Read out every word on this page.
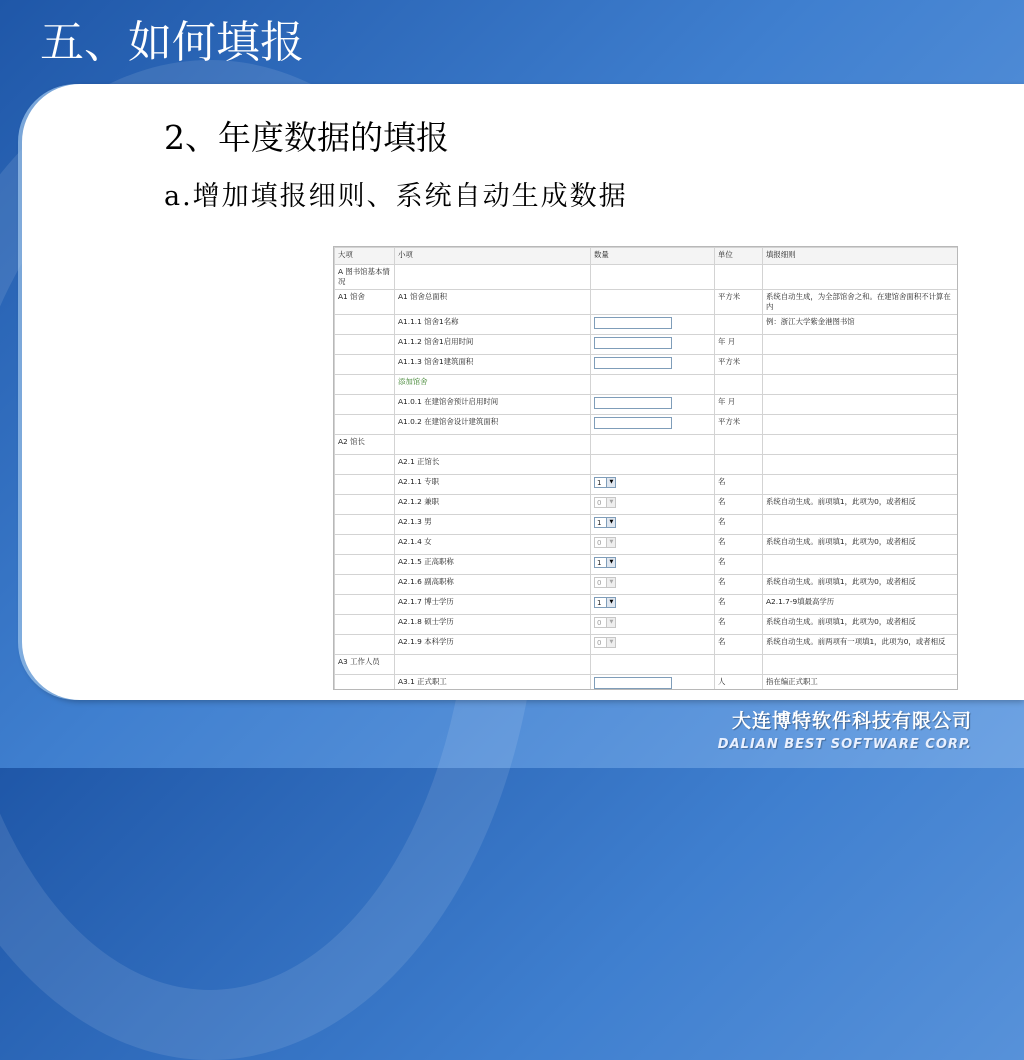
五、如何填报
2、年度数据的填报
a.增加填报细则、系统自动生成数据
大项	小项	数量	单位	填报细则
A 图书馆基本情况				
A1 馆舍	A1 馆舍总面积		平方米	系统自动生成，为全部馆舍之和。在建馆舍面积不计算在内
	A1.1.1 馆舍1名称			例：浙江大学紫金港图书馆
	A1.1.2 馆舍1启用时间		年 月	
	A1.1.3 馆舍1建筑面积		平方米	
	添加馆舍			
	A1.0.1 在建馆舍预计启用时间		年 月	
	A1.0.2 在建馆舍设计建筑面积		平方米	
A2 馆长				
	A2.1 正馆长			
	A2.1.1 专职	1 ▼	名	
	A2.1.2 兼职	0 ▼	名	系统自动生成。前项填1，此项为0，或者相反
	A2.1.3 男	1 ▼	名	
	A2.1.4 女	0 ▼	名	系统自动生成。前项填1，此项为0，或者相反
	A2.1.5 正高职称	1 ▼	名	
	A2.1.6 副高职称	0 ▼	名	系统自动生成。前项填1，此项为0，或者相反
	A2.1.7 博士学历	1 ▼	名	A2.1.7-9填最高学历
	A2.1.8 硕士学历	0 ▼	名	系统自动生成。前项填1，此项为0，或者相反
	A2.1.9 本科学历	0 ▼	名	系统自动生成。前两项有一项填1，此项为0，或者相反
A3 工作人员				
	A3.1 正式职工		人	指在编正式职工
大连博特软件科技有限公司
DALIAN BEST SOFTWARE CORP.
